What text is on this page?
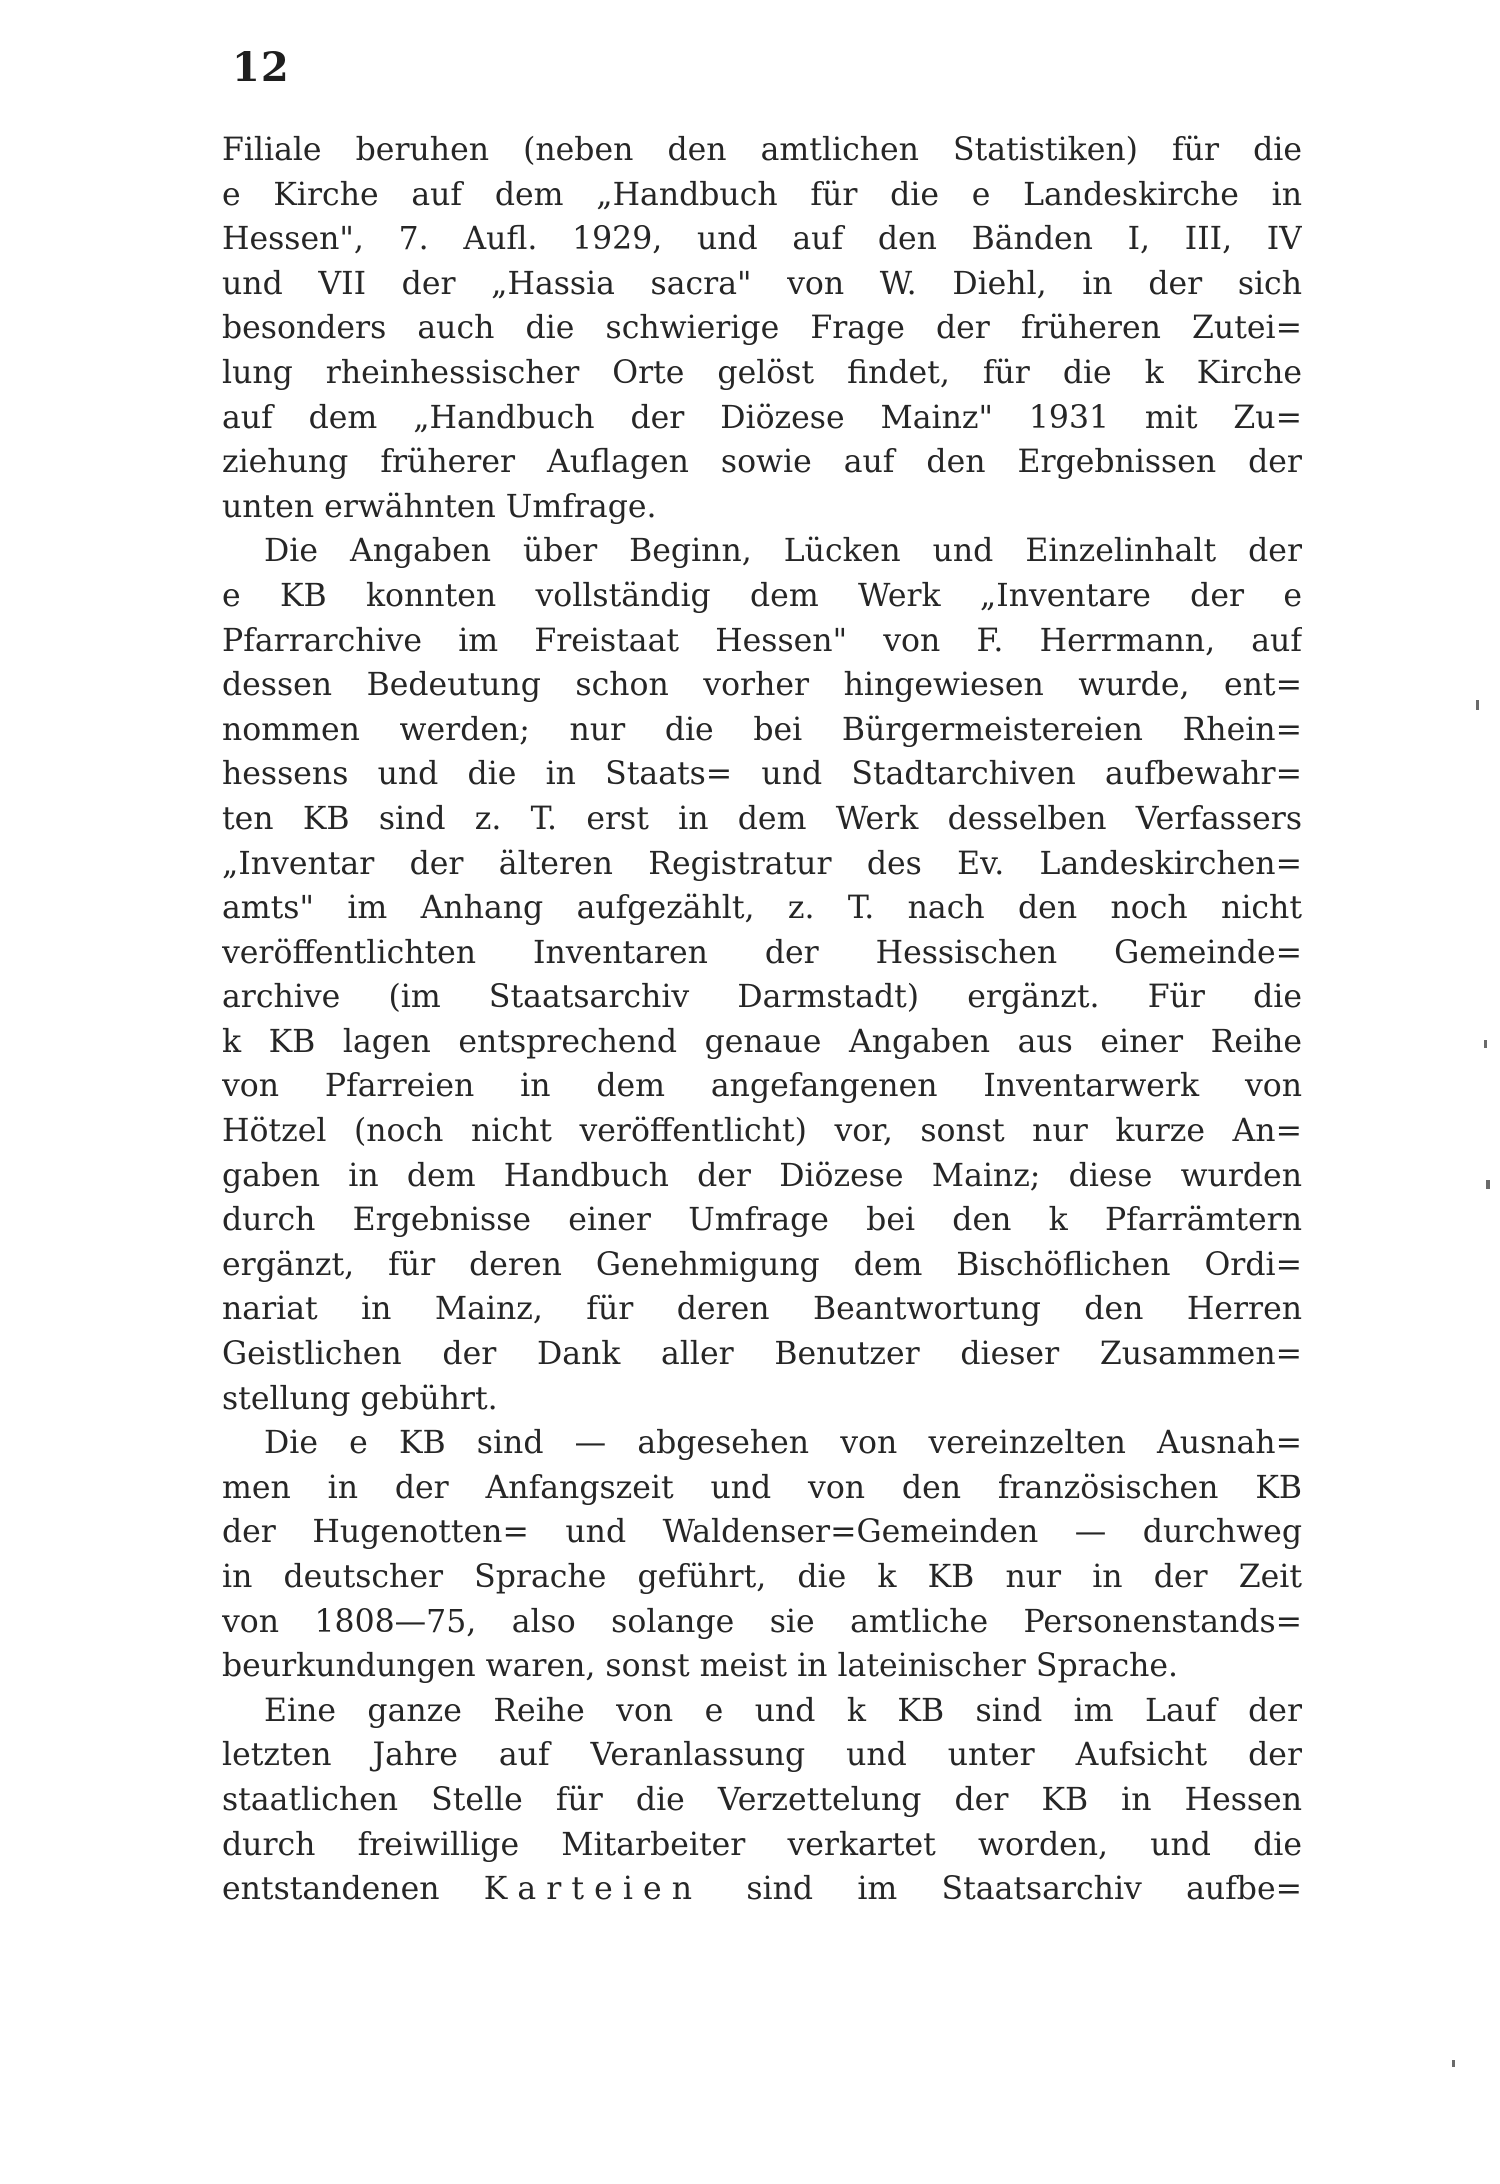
12
Filiale beruhen (neben den amtlichen Statistiken) für die
e Kirche auf dem „Handbuch für die e Landeskirche in
Hessen", 7. Aufl. 1929, und auf den Bänden I, III, IV
und VII der „Hassia sacra" von W. Diehl, in der sich
besonders auch die schwierige Frage der früheren Zutei=
lung rheinhessischer Orte gelöst findet, für die k Kirche
auf dem „Handbuch der Diözese Mainz" 1931 mit Zu=
ziehung früherer Auflagen sowie auf den Ergebnissen der
unten erwähnten Umfrage.
Die Angaben über Beginn, Lücken und Einzelinhalt der
e KB konnten vollständig dem Werk „Inventare der e
Pfarrarchive im Freistaat Hessen" von F. Herrmann, auf
dessen Bedeutung schon vorher hingewiesen wurde, ent=
nommen werden; nur die bei Bürgermeistereien Rhein=
hessens und die in Staats= und Stadtarchiven aufbewahr=
ten KB sind z. T. erst in dem Werk desselben Verfassers
„Inventar der älteren Registratur des Ev. Landeskirchen=
amts" im Anhang aufgezählt, z. T. nach den noch nicht
veröffentlichten Inventaren der Hessischen Gemeinde=
archive (im Staatsarchiv Darmstadt) ergänzt. Für die
k KB lagen entsprechend genaue Angaben aus einer Reihe
von Pfarreien in dem angefangenen Inventarwerk von
Hötzel (noch nicht veröffentlicht) vor, sonst nur kurze An=
gaben in dem Handbuch der Diözese Mainz; diese wurden
durch Ergebnisse einer Umfrage bei den k Pfarrämtern
ergänzt, für deren Genehmigung dem Bischöflichen Ordi=
nariat in Mainz, für deren Beantwortung den Herren
Geistlichen der Dank aller Benutzer dieser Zusammen=
stellung gebührt.
Die e KB sind — abgesehen von vereinzelten Ausnah=
men in der Anfangszeit und von den französischen KB
der Hugenotten= und Waldenser=Gemeinden — durchweg
in deutscher Sprache geführt, die k KB nur in der Zeit
von 1808—75, also solange sie amtliche Personenstands=
beurkundungen waren, sonst meist in lateinischer Sprache.
Eine ganze Reihe von e und k KB sind im Lauf der
letzten Jahre auf Veranlassung und unter Aufsicht der
staatlichen Stelle für die Verzettelung der KB in Hessen
durch freiwillige Mitarbeiter verkartet worden, und die
entstandenen Karteien sind im Staatsarchiv aufbe=
